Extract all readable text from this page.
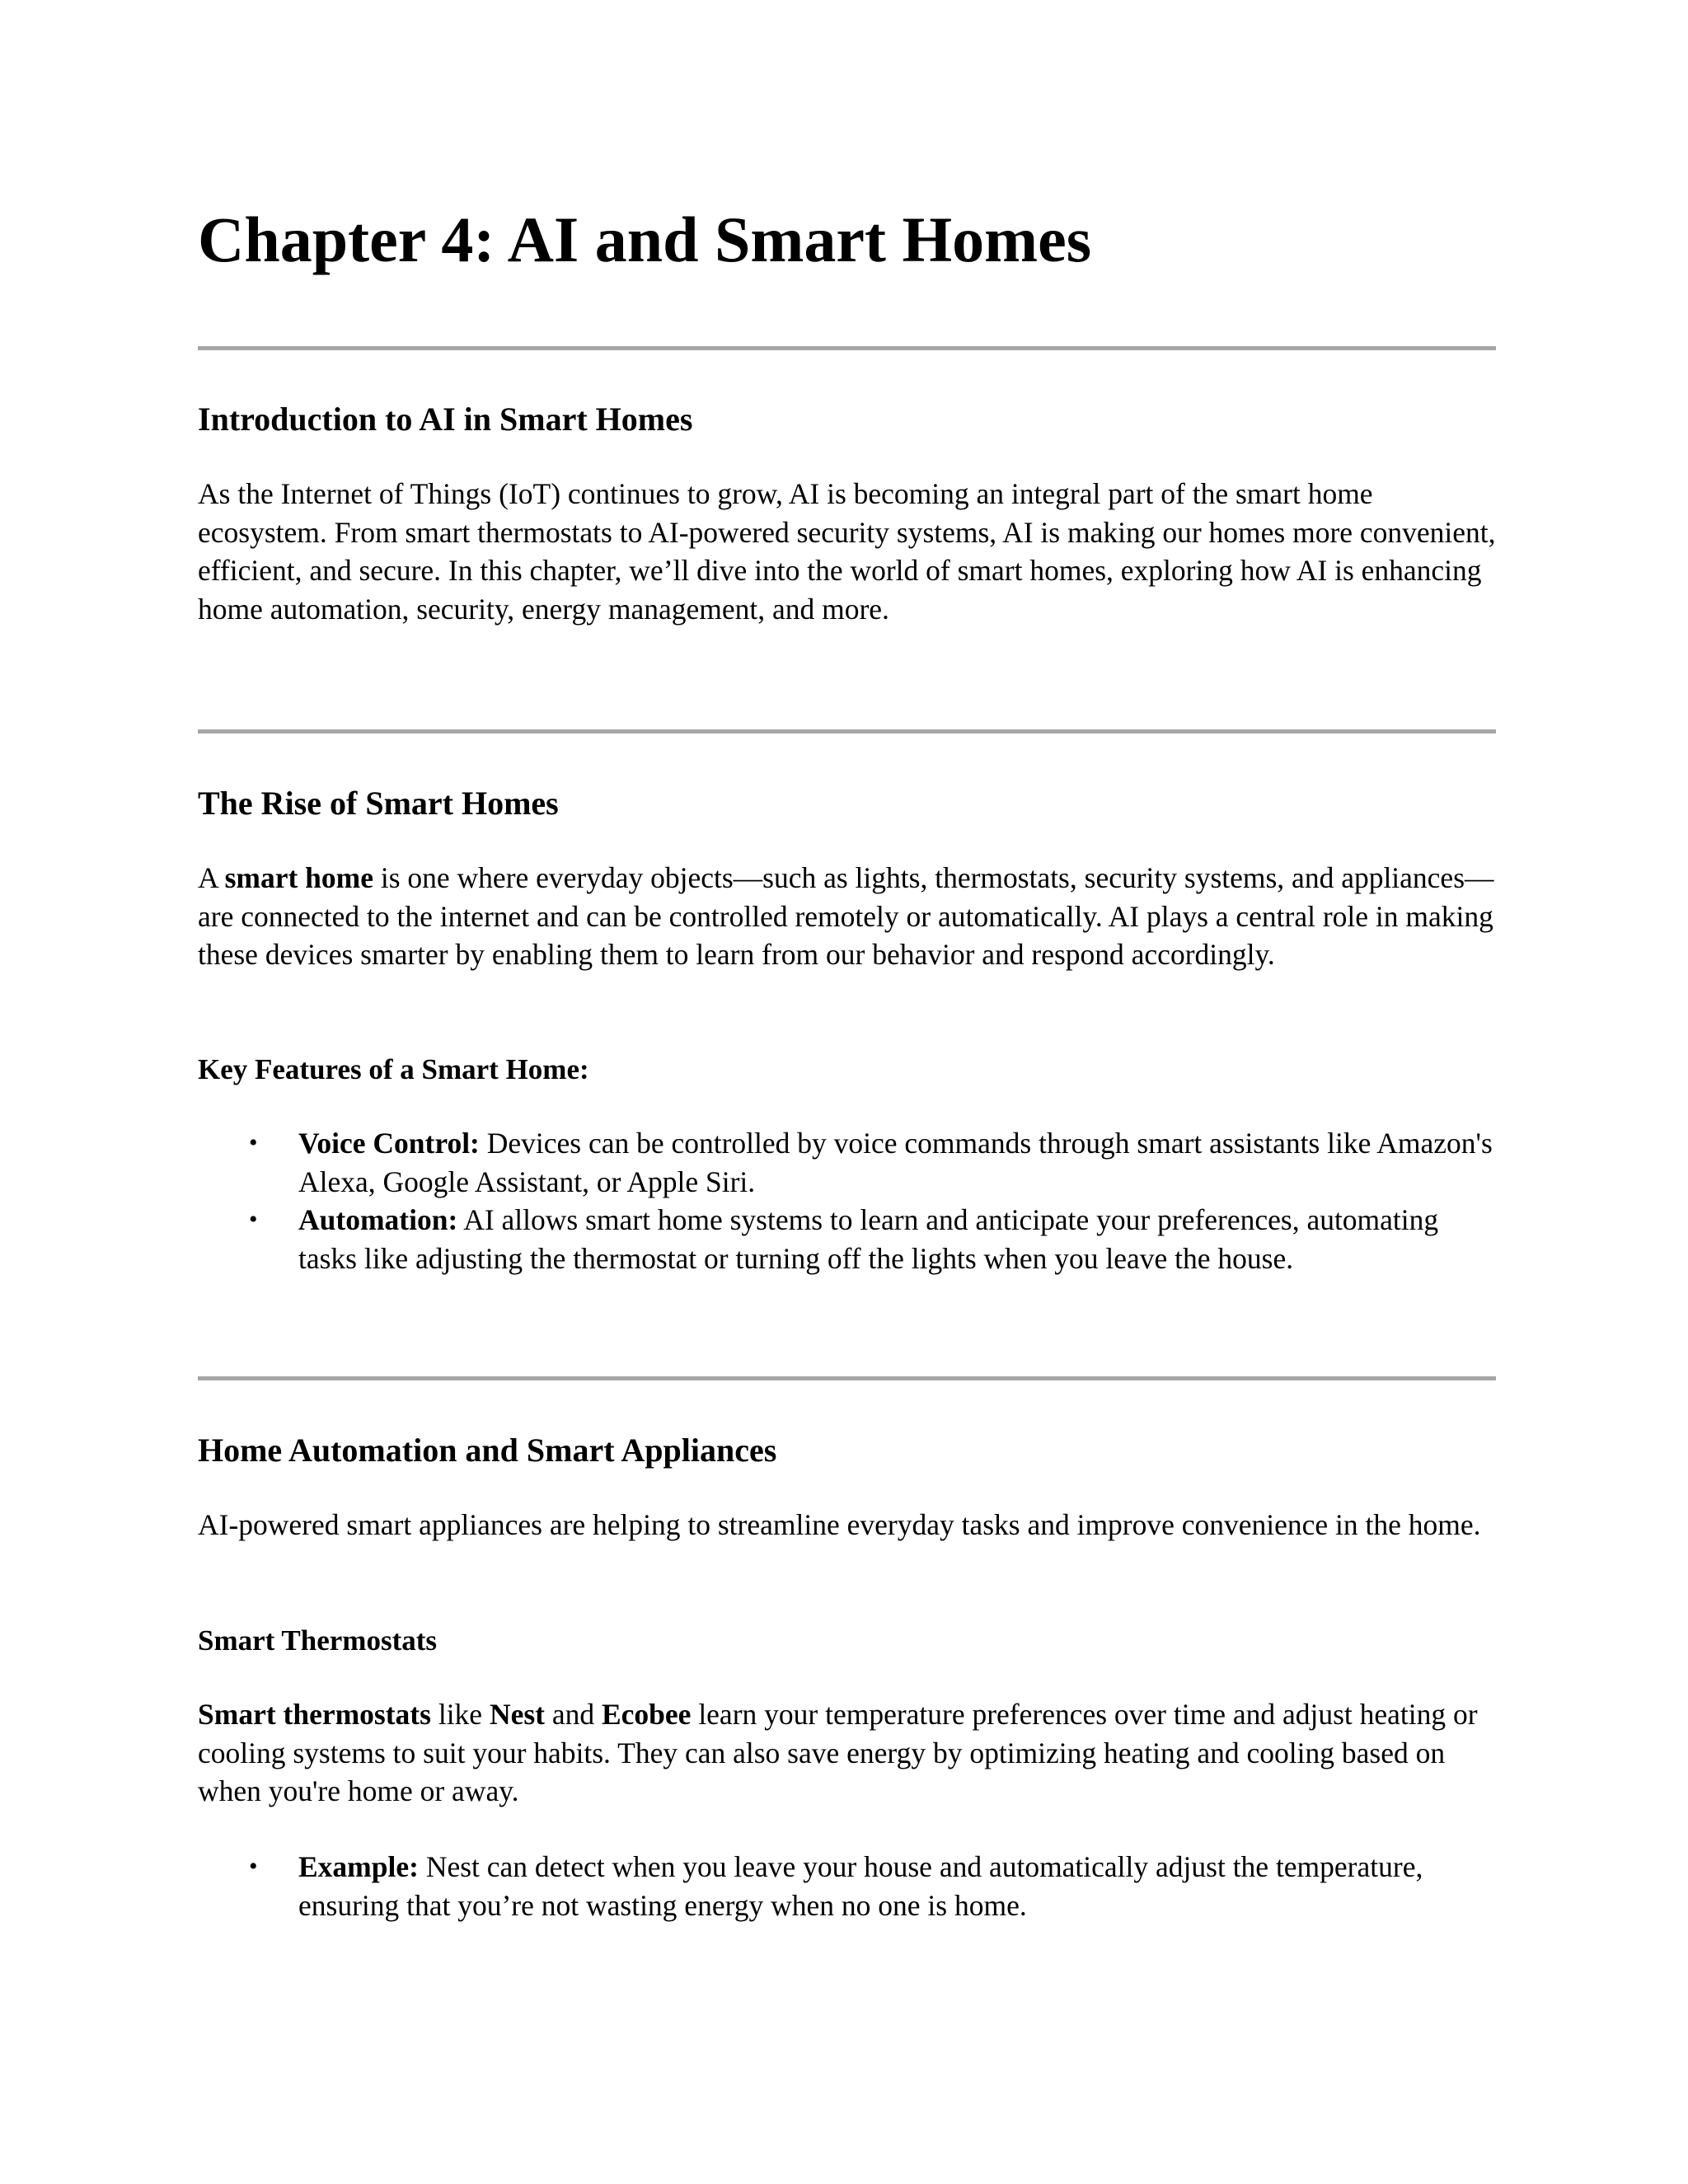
Chapter 4: AI and Smart Homes
Introduction to AI in Smart Homes

As the Internet of Things (IoT) continues to grow, AI is becoming an integral part of the smart home ecosystem. From smart thermostats to AI-powered security systems, AI is making our homes more convenient, efficient, and secure. In this chapter, we’ll dive into the world of smart homes, exploring how AI is enhancing home automation, security, energy management, and more.

The Rise of Smart Homes

A smart home is one where everyday objects—such as lights, thermostats, security systems, and appliances—are connected to the internet and can be controlled remotely or automatically. AI plays a central role in making these devices smarter by enabling them to learn from our behavior and respond accordingly.

Key Features of a Smart Home:
• Voice Control: Devices can be controlled by voice commands through smart assistants like Amazon's Alexa, Google Assistant, or Apple Siri.
• Automation: AI allows smart home systems to learn and anticipate your preferences, automating tasks like adjusting the thermostat or turning off the lights when you leave the house.
Home Automation and Smart Appliances

AI-powered smart appliances are helping to streamline everyday tasks and improve convenience in the home.

Smart Thermostats

Smart thermostats like Nest and Ecobee learn your temperature preferences over time and adjust heating or cooling systems to suit your habits. They can also save energy by optimizing heating and cooling based on when you're home or away.

• Example: Nest can detect when you leave your house and automatically adjust the temperature, ensuring that you’re not wasting energy when no one is home.
